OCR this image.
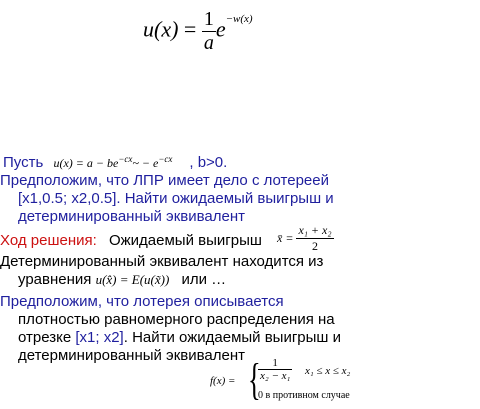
$u(x) = \frac{1}{a} e^{-w(x)}$
Пусть $u(x) = a - be^{-cx}\sim - e^{-cx}$ , b>0.
Предположим, что ЛПР имеет дело с лотереей
[x1,0.5; x2,0.5]. Найти ожидаемый выигрыш и
детерминированный эквивалент
Ход решения: Ожидаемый выигрыш x̄ = $\frac{\text{x₁ + x₂}}{2}$
Детерминированный эквивалент находится из
уравнения u(x̂) = E(u(x̃)) или …
Предположим, что лотерея описывается
плотностью равномерного распределения на
отрезке [x1; x2]. Найти ожидаемый выигрыш и
детерминированный эквивалент
f(x) = {
$\frac{1}{\text{x₂ − x₁}} x_1 \le x \le x_2$
0 в противном случае
